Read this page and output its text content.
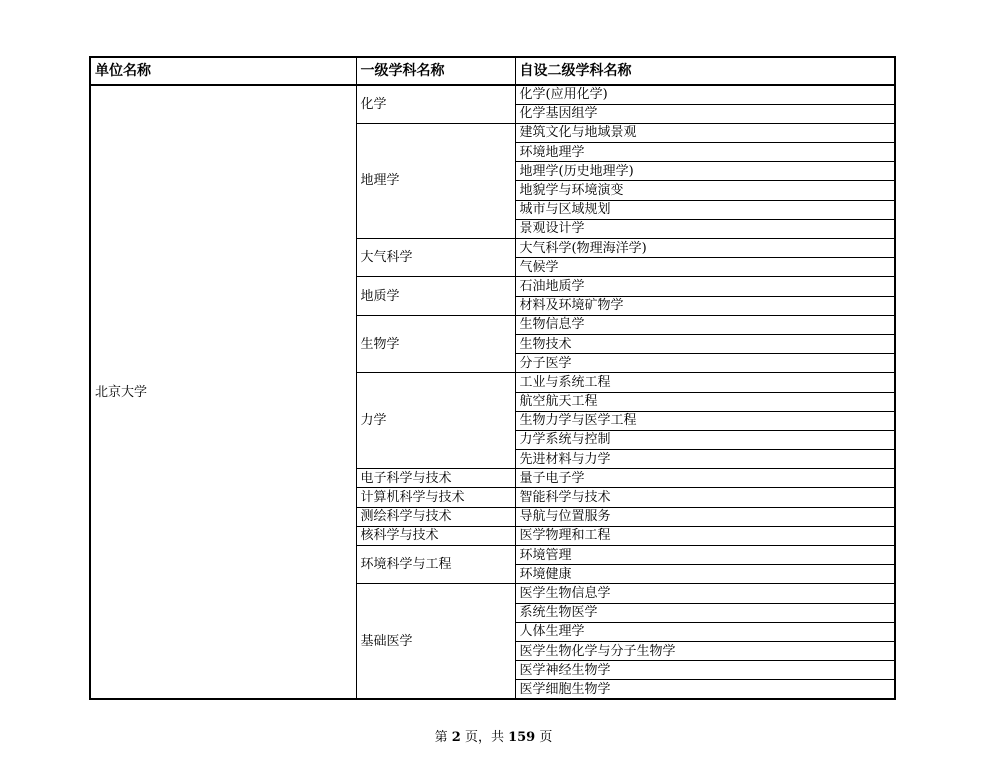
单位名称	一级学科名称	自设二级学科名称
北京大学	化学	化学(应用化学)
		化学基因组学
	地理学	建筑文化与地域景观
		环境地理学
		地理学(历史地理学)
		地貌学与环境演变
		城市与区域规划
		景观设计学
	大气科学	大气科学(物理海洋学)
		气候学
	地质学	石油地质学
		材料及环境矿物学
	生物学	生物信息学
		生物技术
		分子医学
	力学	工业与系统工程
		航空航天工程
		生物力学与医学工程
		力学系统与控制
		先进材料与力学
	电子科学与技术	量子电子学
	计算机科学与技术	智能科学与技术
	测绘科学与技术	导航与位置服务
	核科学与技术	医学物理和工程
	环境科学与工程	环境管理
		环境健康
	基础医学	医学生物信息学
		系统生物医学
		人体生理学
		医学生物化学与分子生物学
		医学神经生物学
		医学细胞生物学
第 2 页，共 159 页
